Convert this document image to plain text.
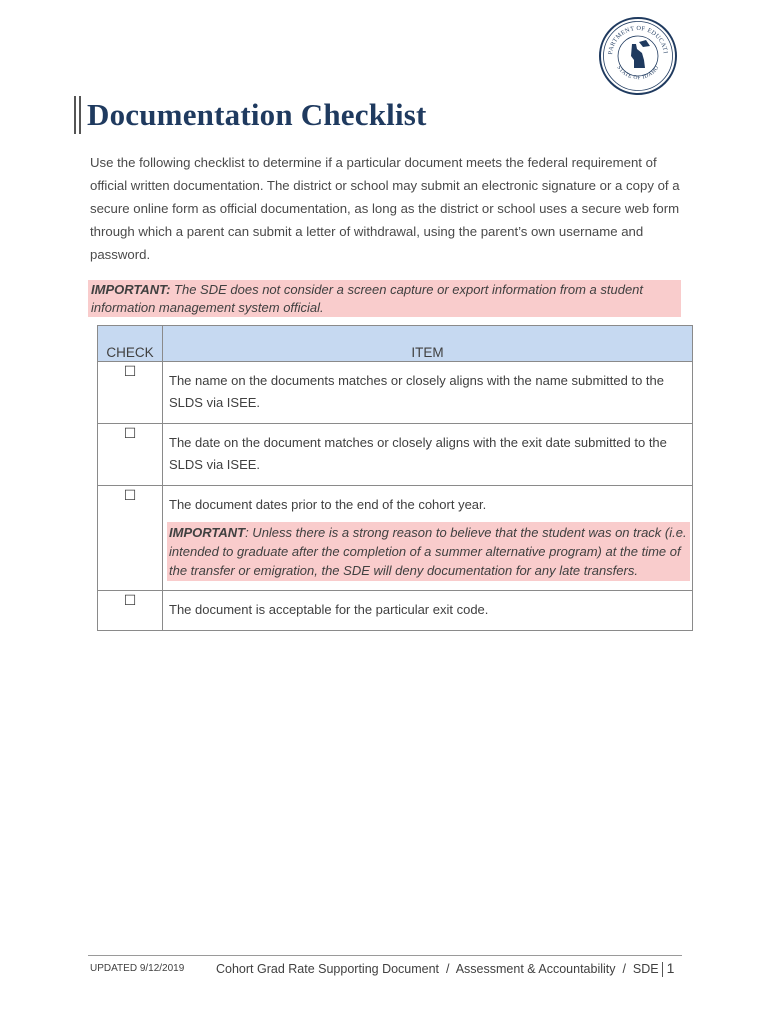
PARTMENT OF EDUCATI
STATE OF IDAHO
Documentation Checklist
Use the following checklist to determine if a particular document meets the federal requirement of official written documentation. The district or school may submit an electronic signature or a copy of a secure online form as official documentation, as long as the district or school uses a secure web form through which a parent can submit a letter of withdrawal, using the parent’s own username and password.
IMPORTANT: The SDE does not consider a screen capture or export information from a student information management system official.
CHECK	ITEM
☐	The name on the documents matches or closely aligns with the name submitted to the SLDS via ISEE.
☐	The date on the document matches or closely aligns with the exit date submitted to the SLDS via ISEE.
☐	The document dates prior to the end of the cohort year.
IMPORTANT: Unless there is a strong reason to believe that the student was on track (i.e. intended to graduate after the completion of a summer alternative program) at the time of the transfer or emigration, the SDE will deny documentation for any late transfers.

☐	The document is acceptable for the particular exit code.
UPDATED 9/12/2019	Cohort Grad Rate Supporting Document  /  Assessment & Accountability  /  SDE 1
